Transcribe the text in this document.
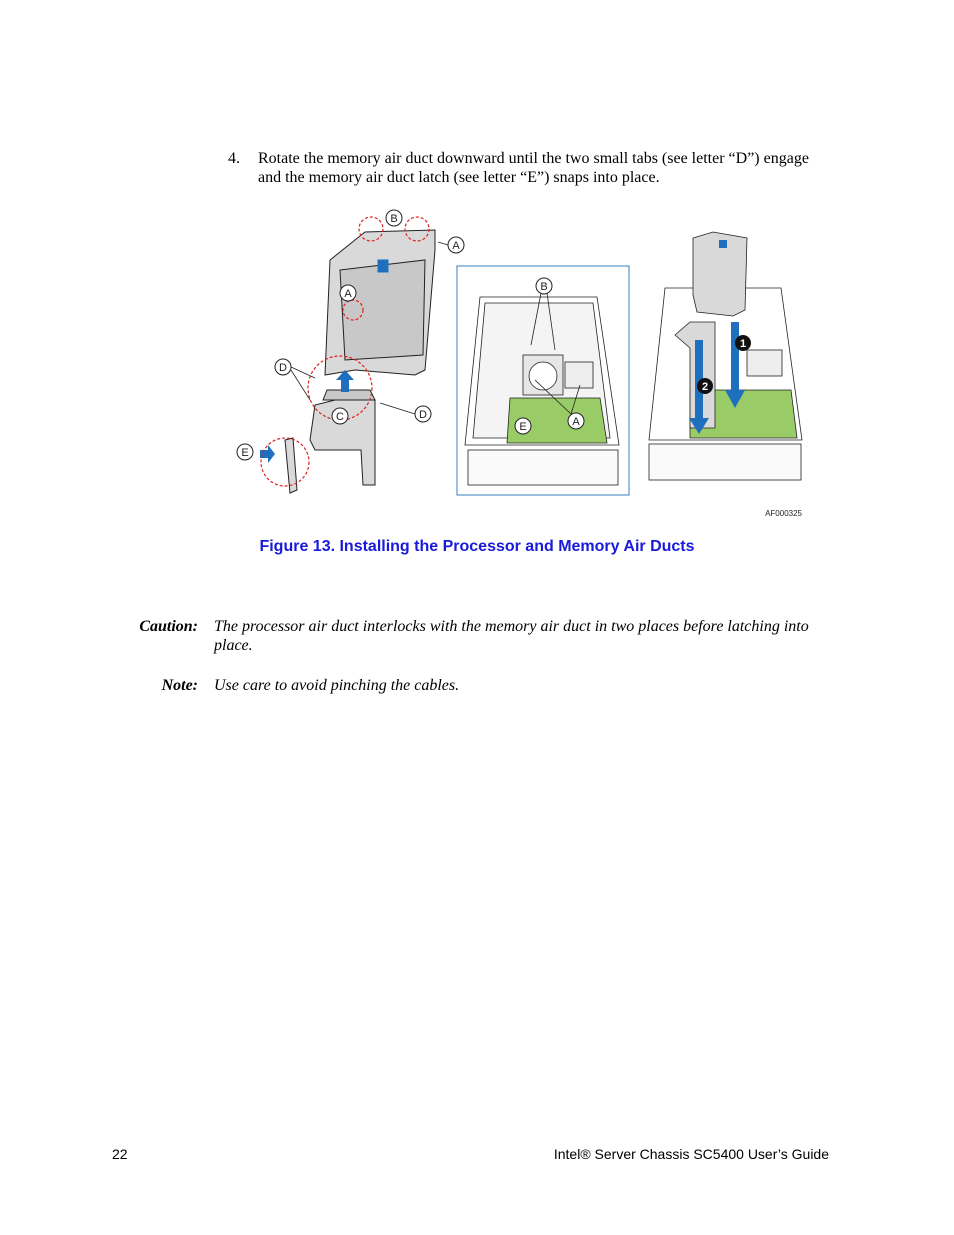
4. Rotate the memory air duct downward until the two small tabs (see letter “D”) engage and the memory air duct latch (see letter “E”) snaps into place.
B
A
A
D
C	D
E
B
A
E
1
2
AF000325
Figure 13. Installing the Processor and Memory Air Ducts
Caution: The processor air duct interlocks with the memory air duct in two places before latching into place.
Note: Use care to avoid pinching the cables.
22	Intel® Server Chassis SC5400 User’s Guide
